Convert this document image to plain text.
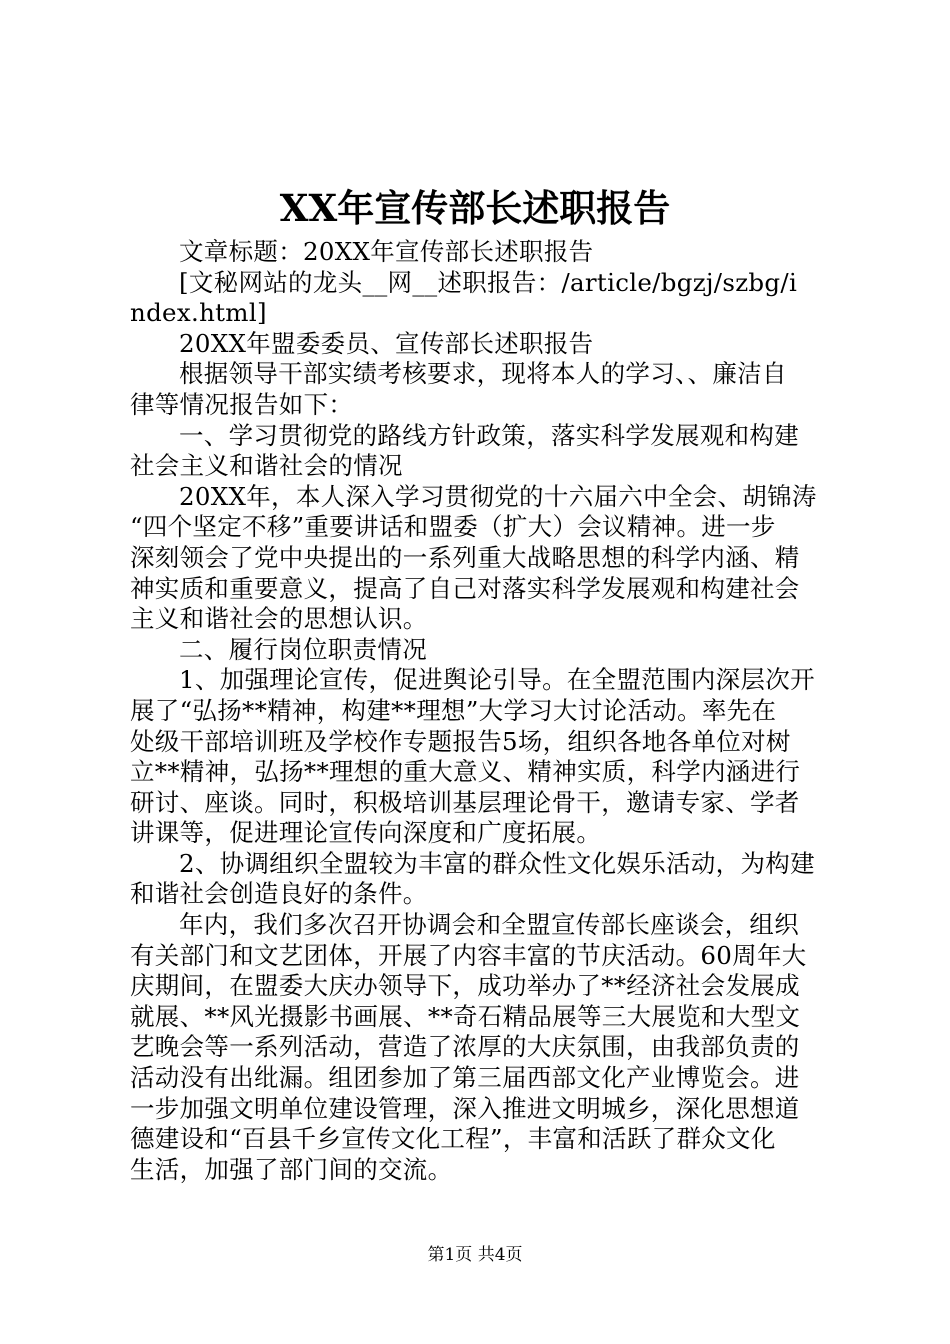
XX年宣传部长述职报告
文章标题：20XX年宣传部长述职报告
[文秘网站的龙头__网__述职报告：/article/bgzj/szbg/i
ndex.html]
20XX年盟委委员、宣传部长述职报告
根据领导干部实绩考核要求，现将本人的学习、、廉洁自
律等情况报告如下：
一、学习贯彻党的路线方针政策，落实科学发展观和构建
社会主义和谐社会的情况
20XX年，本人深入学习贯彻党的十六届六中全会、胡锦涛
“四个坚定不移”重要讲话和盟委（扩大）会议精神。进一步
深刻领会了党中央提出的一系列重大战略思想的科学内涵、精
神实质和重要意义，提高了自己对落实科学发展观和构建社会
主义和谐社会的思想认识。
二、履行岗位职责情况
1、加强理论宣传，促进舆论引导。在全盟范围内深层次开
展了“弘扬**精神，构建**理想”大学习大讨论活动。率先在
处级干部培训班及学校作专题报告5场，组织各地各单位对树
立**精神，弘扬**理想的重大意义、精神实质，科学内涵进行
研讨、座谈。同时，积极培训基层理论骨干，邀请专家、学者
讲课等，促进理论宣传向深度和广度拓展。
2、协调组织全盟较为丰富的群众性文化娱乐活动，为构建
和谐社会创造良好的条件。
年内，我们多次召开协调会和全盟宣传部长座谈会，组织
有关部门和文艺团体，开展了内容丰富的节庆活动。60周年大
庆期间，在盟委大庆办领导下，成功举办了**经济社会发展成
就展、**风光摄影书画展、**奇石精品展等三大展览和大型文
艺晚会等一系列活动，营造了浓厚的大庆氛围，由我部负责的
活动没有出纰漏。组团参加了第三届西部文化产业博览会。进
一步加强文明单位建设管理，深入推进文明城乡，深化思想道
德建设和“百县千乡宣传文化工程”，丰富和活跃了群众文化
生活，加强了部门间的交流。
第1页 共4页
